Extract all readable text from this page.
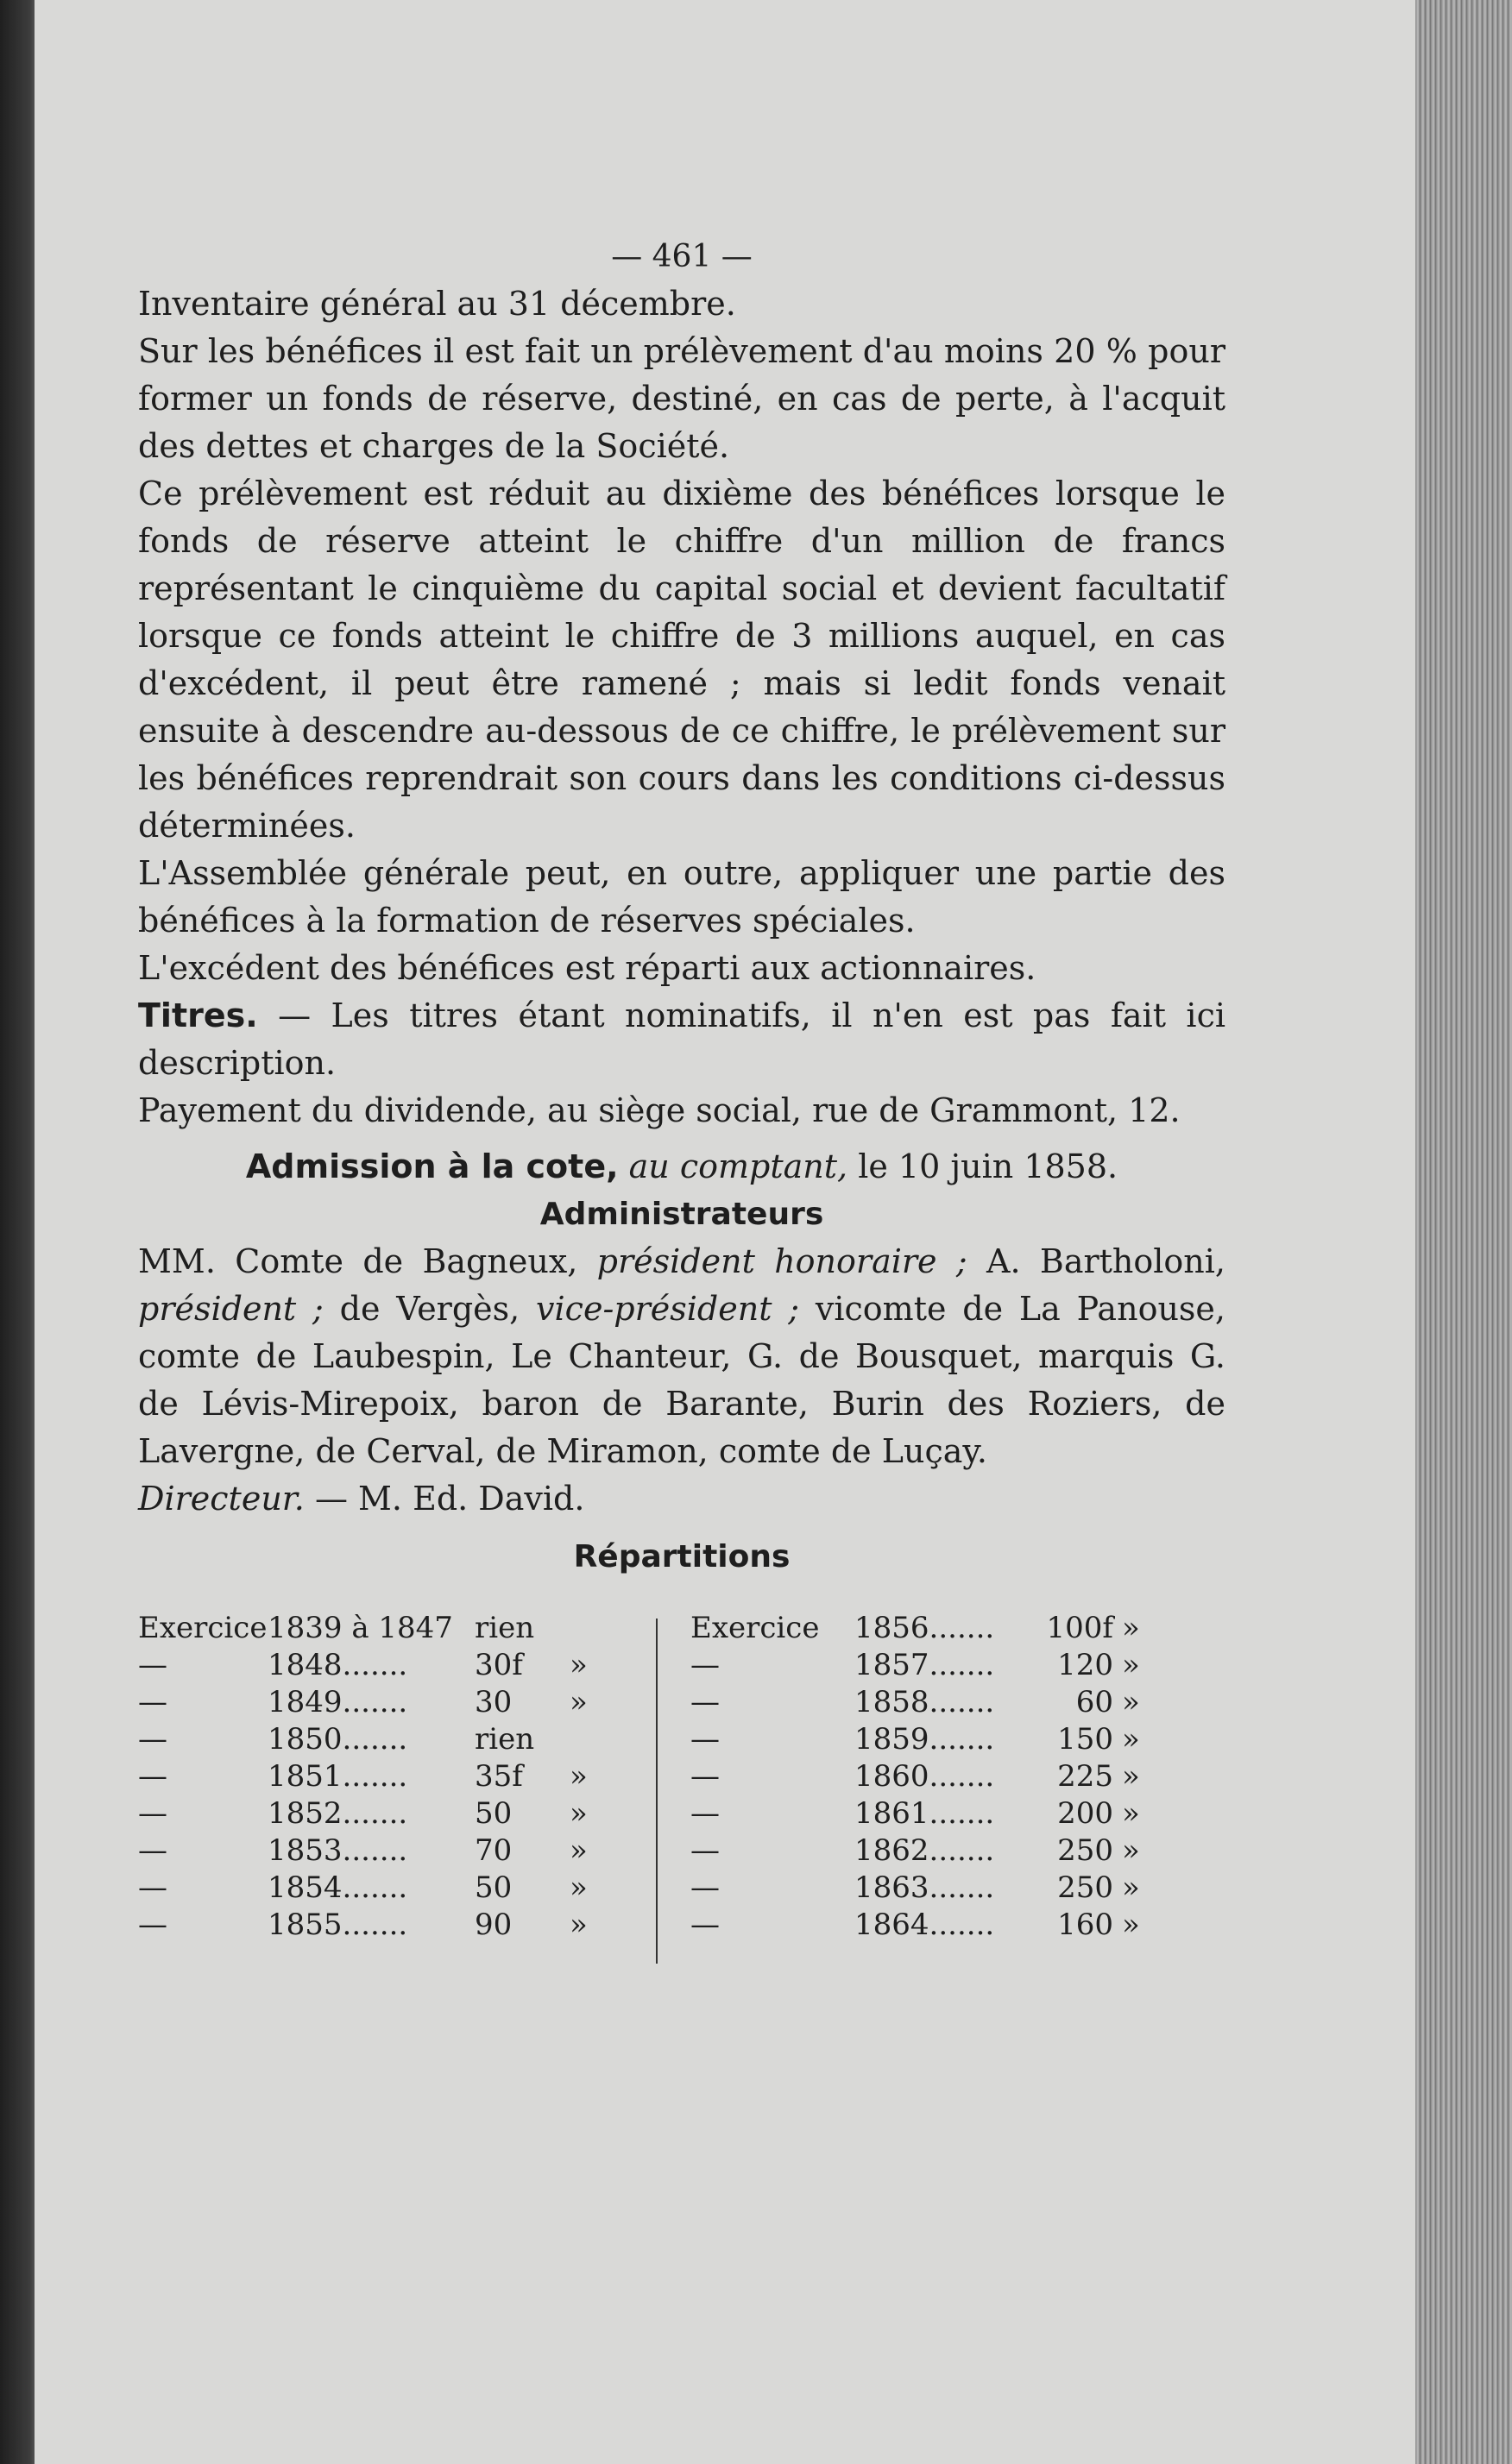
— 461 —

Inventaire général au 31 décembre.

Sur les bénéfices il est fait un prélèvement d'au moins 20 % pour former un fonds de réserve, destiné, en cas de perte, à l'acquit des dettes et charges de la Société.

Ce prélèvement est réduit au dixième des bénéfices lorsque le fonds de réserve atteint le chiffre d'un million de francs représentant le cinquième du capital social et devient facultatif lorsque ce fonds atteint le chiffre de 3 millions auquel, en cas d'excédent, il peut être ramené ; mais si ledit fonds venait ensuite à descendre au-dessous de ce chiffre, le prélèvement sur les bénéfices reprendrait son cours dans les conditions ci-dessus déterminées.

L'Assemblée générale peut, en outre, appliquer une partie des bénéfices à la formation de réserves spéciales.

L'excédent des bénéfices est réparti aux actionnaires.

Titres. — Les titres étant nominatifs, il n'en est pas fait ici description.

Payement du dividende, au siège social, rue de Grammont, 12.

Admission à la cote, au comptant, le 10 juin 1858.

Administrateurs

MM. Comte de Bagneux, président honoraire ; A. Bartholoni, président ; de Vergès, vice-président ; vicomte de La Panouse, comte de Laubespin, Le Chanteur, G. de Bousquet, marquis G. de Lévis-Mirepoix, baron de Barante, Burin des Roziers, de Lavergne, de Cerval, de Miramon, comte de Luçay.

Directeur. — M. Ed. David.

Répartitions

Exercice 1839 à 1847 rien
—	1848....... 30f	»
—	1849....... 30	»
—	1850....... rien
—	1851....... 35f	»
—	1852....... 50	»
—	1853....... 70	»
—	1854....... 50	»
—	1855....... 90	»
Exercice	1856.......	100f »
—	1857.......	120 »
—	1858.......	60 »
—	1859.......	150 »
—	1860.......	225 »
—	1861.......	200 »
—	1862.......	250 »
—	1863.......	250 »
—	1864.......	160 »
